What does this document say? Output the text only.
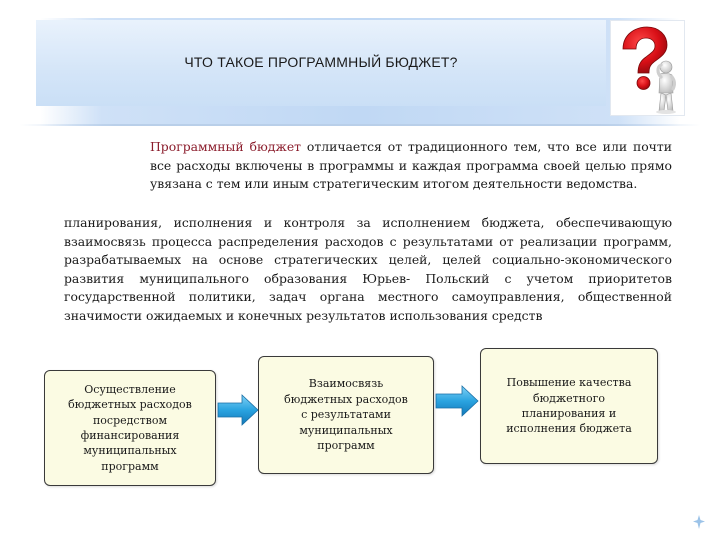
ЧТО ТАКОЕ ПРОГРАММНЫЙ БЮДЖЕТ?
Программный бюджет отличается от традиционного тем, что все или почти все расходы включены в программы и каждая программа своей целью прямо увязана с тем или иным стратегическим итогом деятельности ведомства.
планирования, исполнения и контроля за исполнением бюджета, обеспечивающую взаимосвязь процесса распределения расходов с результатами от реализации программ, разрабатываемых на основе стратегических целей, целей социально-экономического развития муниципального образования Юрьев- Польский с учетом приоритетов государственной политики, задач органа местного самоуправления, общественной значимости ожидаемых и конечных результатов использования средств
Осуществление
бюджетных расходов
посредством
финансирования
муниципальных
программ
Взаимосвязь
бюджетных расходов
с результатами
муниципальных
программ
Повышение качества
бюджетного
планирования и
исполнения бюджета
